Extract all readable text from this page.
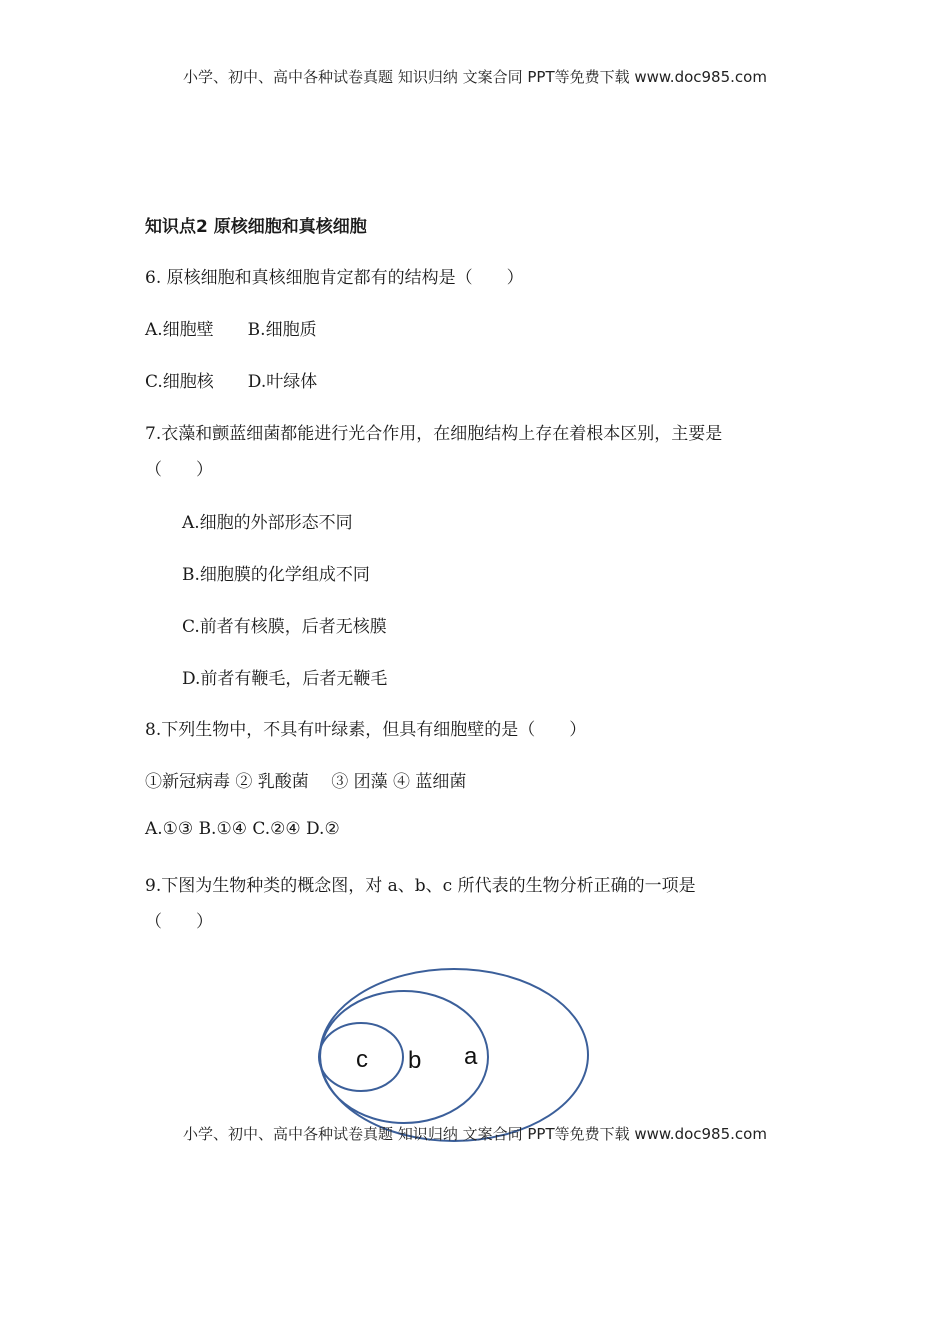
小学、初中、高中各种试卷真题 知识归纳 文案合同 PPT等免费下载 www.doc985.com
知识点2 原核细胞和真核细胞
6. 原核细胞和真核细胞肯定都有的结构是（　　）
A.细胞壁　　B.细胞质
C.细胞核　　D.叶绿体
7.衣藻和颤蓝细菌都能进行光合作用，在细胞结构上存在着根本区别，主要是
（　　）
A.细胞的外部形态不同
B.细胞膜的化学组成不同
C.前者有核膜，后者无核膜
D.前者有鞭毛，后者无鞭毛
8.下列生物中，不具有叶绿素，但具有细胞壁的是（　　）
①新冠病毒 ② 乳酸菌　 ③ 团藻 ④ 蓝细菌
A.①③ B.①④ C.②④ D.②
9.下图为生物种类的概念图，对 a、b、c 所代表的生物分析正确的一项是
（　　）
c b a
小学、初中、高中各种试卷真题 知识归纳 文案合同 PPT等免费下载 www.doc985.com
